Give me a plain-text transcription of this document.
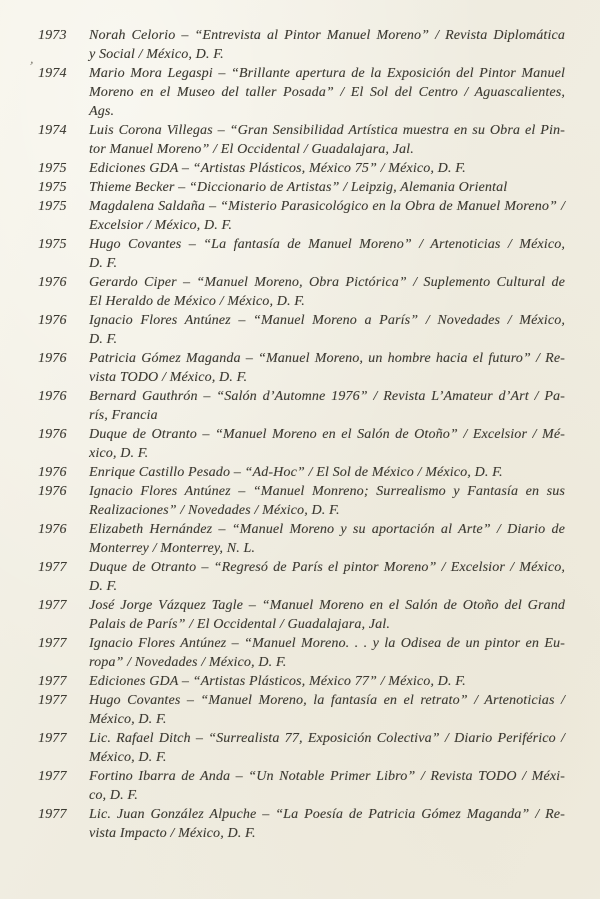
’
1973	Norah Celorio – “Entrevista al Pintor Manuel Moreno” / Revista Diplomática
y Social / México, D. F.
1974	Mario Mora Legaspi – “Brillante apertura de la Exposición del Pintor Manuel
Moreno en el Museo del taller Posada” / El Sol del Centro / Aguascalientes,
Ags.
1974	Luis Corona Villegas – “Gran Sensibilidad Artística muestra en su Obra el Pin-
tor Manuel Moreno” / El Occidental / Guadalajara, Jal.
1975	Ediciones GDA – “Artistas Plásticos, México 75” / México, D. F.
1975	Thieme Becker – “Diccionario de Artistas” / Leipzig, Alemania Oriental
1975	Magdalena Saldaña – “Misterio Parasicológico en la Obra de Manuel Moreno” /
Excelsior / México, D. F.
1975	Hugo Covantes – “La fantasía de Manuel Moreno” / Artenoticias / México,
D. F.
1976	Gerardo Ciper – “Manuel Moreno, Obra Pictórica” / Suplemento Cultural de
El Heraldo de México / México, D. F.
1976	Ignacio Flores Antúnez – “Manuel Moreno a París” / Novedades / México,
D. F.
1976	Patricia Gómez Maganda – “Manuel Moreno, un hombre hacia el futuro” / Re-
vista TODO / México, D. F.
1976	Bernard Gauthrón – “Salón d’Automne 1976” / Revista L’Amateur d’Art / Pa-
rís, Francia
1976	Duque de Otranto – “Manuel Moreno en el Salón de Otoño” / Excelsior / Mé-
xico, D. F.
1976	Enrique Castillo Pesado – “Ad-Hoc” / El Sol de México / México, D. F.
1976	Ignacio Flores Antúnez – “Manuel Monreno; Surrealismo y Fantasía en sus
Realizaciones” / Novedades / México, D. F.
1976	Elizabeth Hernández – “Manuel Moreno y su aportación al Arte” / Diario de
Monterrey / Monterrey, N. L.
1977	Duque de Otranto – “Regresó de París el pintor Moreno” / Excelsior / México,
D. F.
1977	José Jorge Vázquez Tagle – “Manuel Moreno en el Salón de Otoño del Grand
Palais de París” / El Occidental / Guadalajara, Jal.
1977	Ignacio Flores Antúnez – “Manuel Moreno. . . y la Odisea de un pintor en Eu-
ropa” / Novedades / México, D. F.
1977	Ediciones GDA – “Artistas Plásticos, México 77” / México, D. F.
1977	Hugo Covantes – “Manuel Moreno, la fantasía en el retrato” / Artenoticias /
México, D. F.
1977	Lic. Rafael Ditch – “Surrealista 77, Exposición Colectiva” / Diario Periférico /
México, D. F.
1977	Fortino Ibarra de Anda – “Un Notable Primer Libro” / Revista TODO / Méxi-
co, D. F.
1977	Lic. Juan González Alpuche – “La Poesía de Patricia Gómez Maganda” / Re-
vista Impacto / México, D. F.
